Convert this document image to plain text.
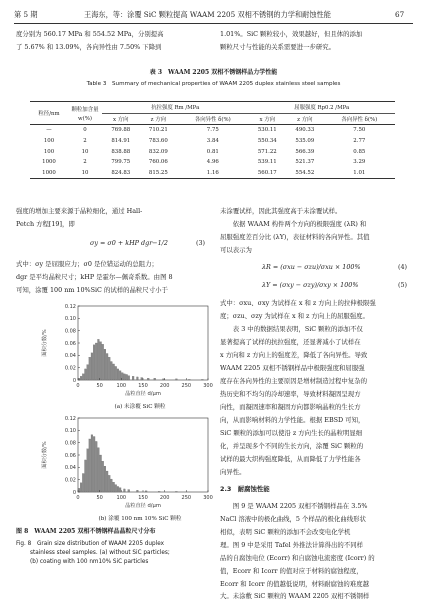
第 5 期	王海东，等：涂覆 SiC 颗粒提高 WAAM 2205 双相不锈钢的力学和耐蚀性能	67
度分别为 560.17 MPa 和 554.52 MPa，分别提高
了 5.67% 和 13.09%，各向异性由 7.50% 下降到
1.01%。SiC 颗粒较小，效果越好，但且体的添加
颗粒尺寸与性能的关系需要进一步研究。
表 3　WAAM 2205 双相不锈钢样品力学性能
Table 3　Summary of mechanical properties of WAAM 2205 duplex stainless steel samples
粒径/nm	颗粒加含量	抗拉强度 Rm /MPa			屈服强度 Rp0.2 /MPa		
	w(%)	x 方向	z 方向	各向异性 δ(%)	x 方向	z 方向	各向异性 δ(%)
—	0	769.88	710.21	7.75	530.11	490.33	7.50
100	2	814.91	783.60	3.84	550.34	535.09	2.77
100	10	838.88	832.09	0.81	571.22	566.39	0.85
1000	2	799.75	760.06	4.96	539.11	521.37	3.29
1000	10	824.83	815.25	1.16	560.17	554.52	1.01
强度的增加主要来源于晶粒细化，通过 Hall-
Petch 方程[19]，即
σy = σ0 + kHP dgr−1/2	(3)
式中：σy 是屈服应力；σ0 是位错运动的总阻力；
dgr 是平均晶粒尺寸；kHP 是霍尔—佩奇系数。由图 8
可知，涂覆 100 nm 10%SiC 的试样的晶粒尺寸小于
0	50	100 150 200 250 300
0
0.02
0.04
0.06
0.08
0.10
0.12
晶粒直径 d/μm
面积分数/%
(a) 未涂覆 SiC 颗粒
0	50	100 150 200 250 300
0
0.02
0.04
0.06
0.08
0.10
0.12
晶粒直径 d/μm
面积分数/%
(b) 涂覆 100 nm 10% SiC 颗粒
图 8　WAAM 2205 双相不锈钢样品晶粒尺寸分布
Fig. 8　Grain size distribution of WAAM 2205 duplex
stainless steel samples. (a) without SiC particles;
(b) coating with 100 nm10% SiC particles
未涂覆试样，因此其强度高于未涂覆试样。
　　依据 WAAM 构件两个方向的极限强度 (λR) 和
屈服强度差百分比 (λY)，表征材料的各向异性。其值
可以表示为
λR = (σxu − σzu)/σxu × 100%	(4)
λY = (σxy − σzy)/σxy × 100%	(5)
式中：σxu、σxy 为试样在 x 和 z 方向上的拉伸极限强
度；σzu、σzy 为试样在 x 和 z 方向上的屈服强度。
　　表 3 中的数据结果表明，SiC 颗粒的添加不仅
显著提高了试样的抗拉强度，还显著减小了试样在
x 方向和 z 方向上的强度差，降低了各向异性。导致
WAAM 2205 双相不锈钢样品中极限强度和屈服强
度存在各向异性的主要原因是增材制造过程中复杂的
热历史和不均匀的冷却速率，导致材料凝固呈现方
向性，而凝固速率和凝固方向都影响晶粒的生长方
向，从而影响材料的力学性能。根据 EBSD 可知，
SiC 颗粒的添加可以使沿 z 方向生长的晶粒明显细
化，并呈现多个不同的生长方向，涂覆 SiC 颗粒的
试样的最大织构强度降低，从而降低了力学性能各
向异性。
2.3　耐腐蚀性能
　　图 9 是 WAAM 2205 双相不锈钢样品在 3.5%
NaCl 溶液中的极化曲线，5 个样品的极化曲线形状
相似，表明 SiC 颗粒的添加不会改变电化学机
理。图 9 中是采用 Tafel 外推法计算得出的不同样
品的自腐蚀电位 (Ecorr) 和自腐蚀电流密度 (Icorr) 的
值，Ecorr 和 Icorr 的值对应于材料的腐蚀程度，
Ecorr 和 Icorr 的值越低说明，材料耐腐蚀的难度越
大。未涂敷 SiC 颗粒的 WAAM 2205 双相不锈钢样
